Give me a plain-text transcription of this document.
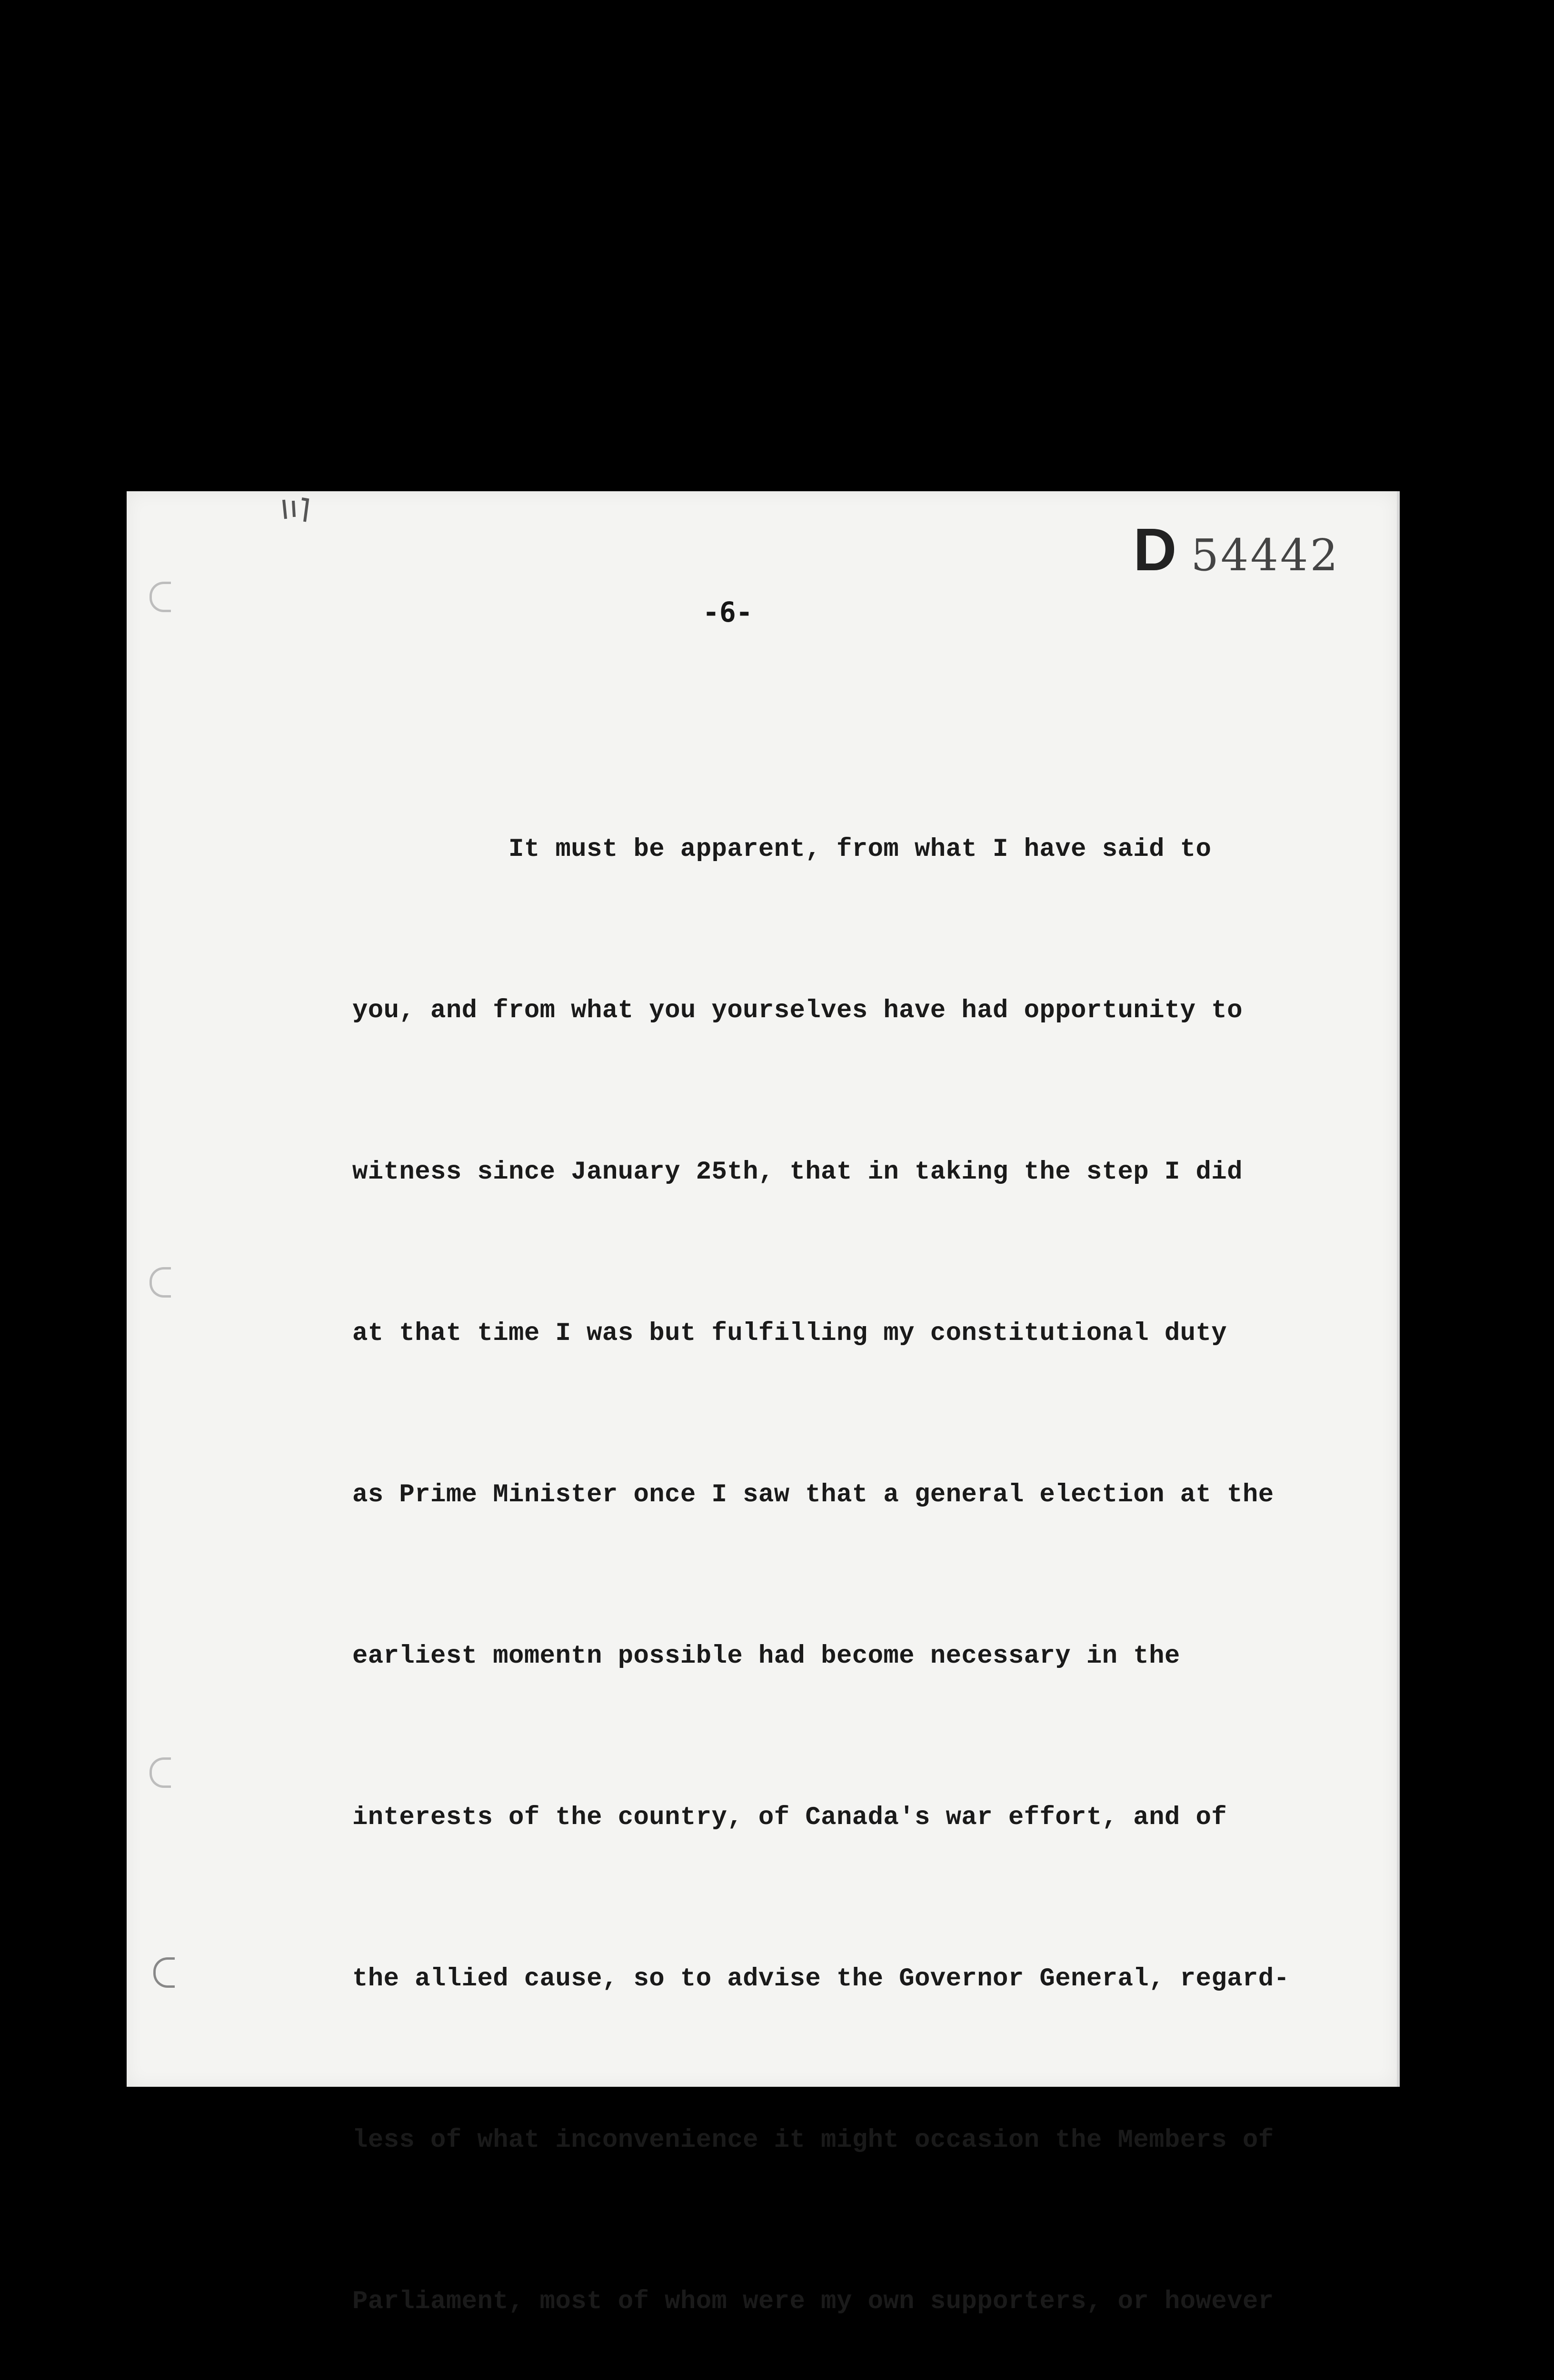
D 54442
-6-

It must be apparent, from what I have said to

you, and from what you yourselves have had opportunity to

witness since January 25th, that in taking the step I did

at that time I was but fulfilling my constitutional duty

as Prime Minister once I saw that a general election at the

earliest momentn possible had become necessary in the

interests of the country, of Canada's war effort, and of

the allied cause, so to advise the Governor General, regard-

less of what inconvenience it might occasion the Members of

Parliament, most of whom were my own supporters, or however
